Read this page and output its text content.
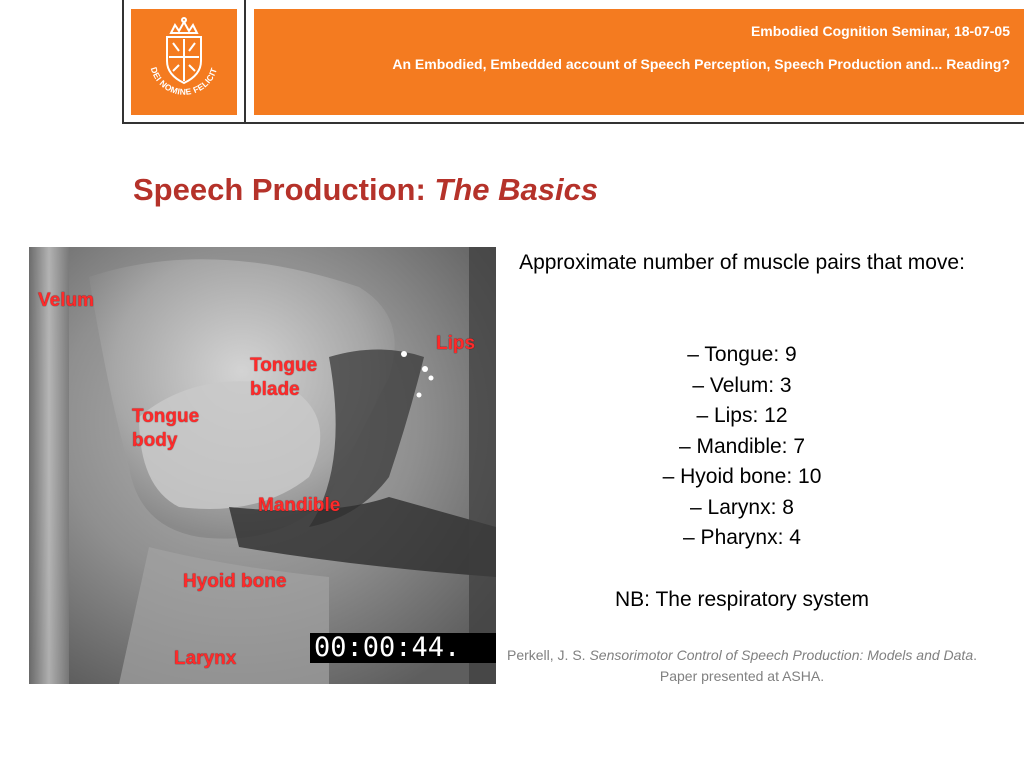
DEI NOMINE FELICIT
Embodied Cognition Seminar, 18-07-05
An Embodied, Embedded account of Speech Perception, Speech Production and... Reading?
Speech Production: The Basics
Velum
Lips
Tongue
blade
Tongue
body
Mandible
Hyoid bone
Larynx	00:00:44.
Approximate number of muscle pairs that move:
– Tongue: 9
– Velum: 3
– Lips: 12
– Mandible: 7
– Hyoid bone: 10
– Larynx: 8
– Pharynx: 4
NB: The respiratory system
Perkell, J. S. Sensorimotor Control of Speech Production: Models and Data. Paper presented at ASHA.
